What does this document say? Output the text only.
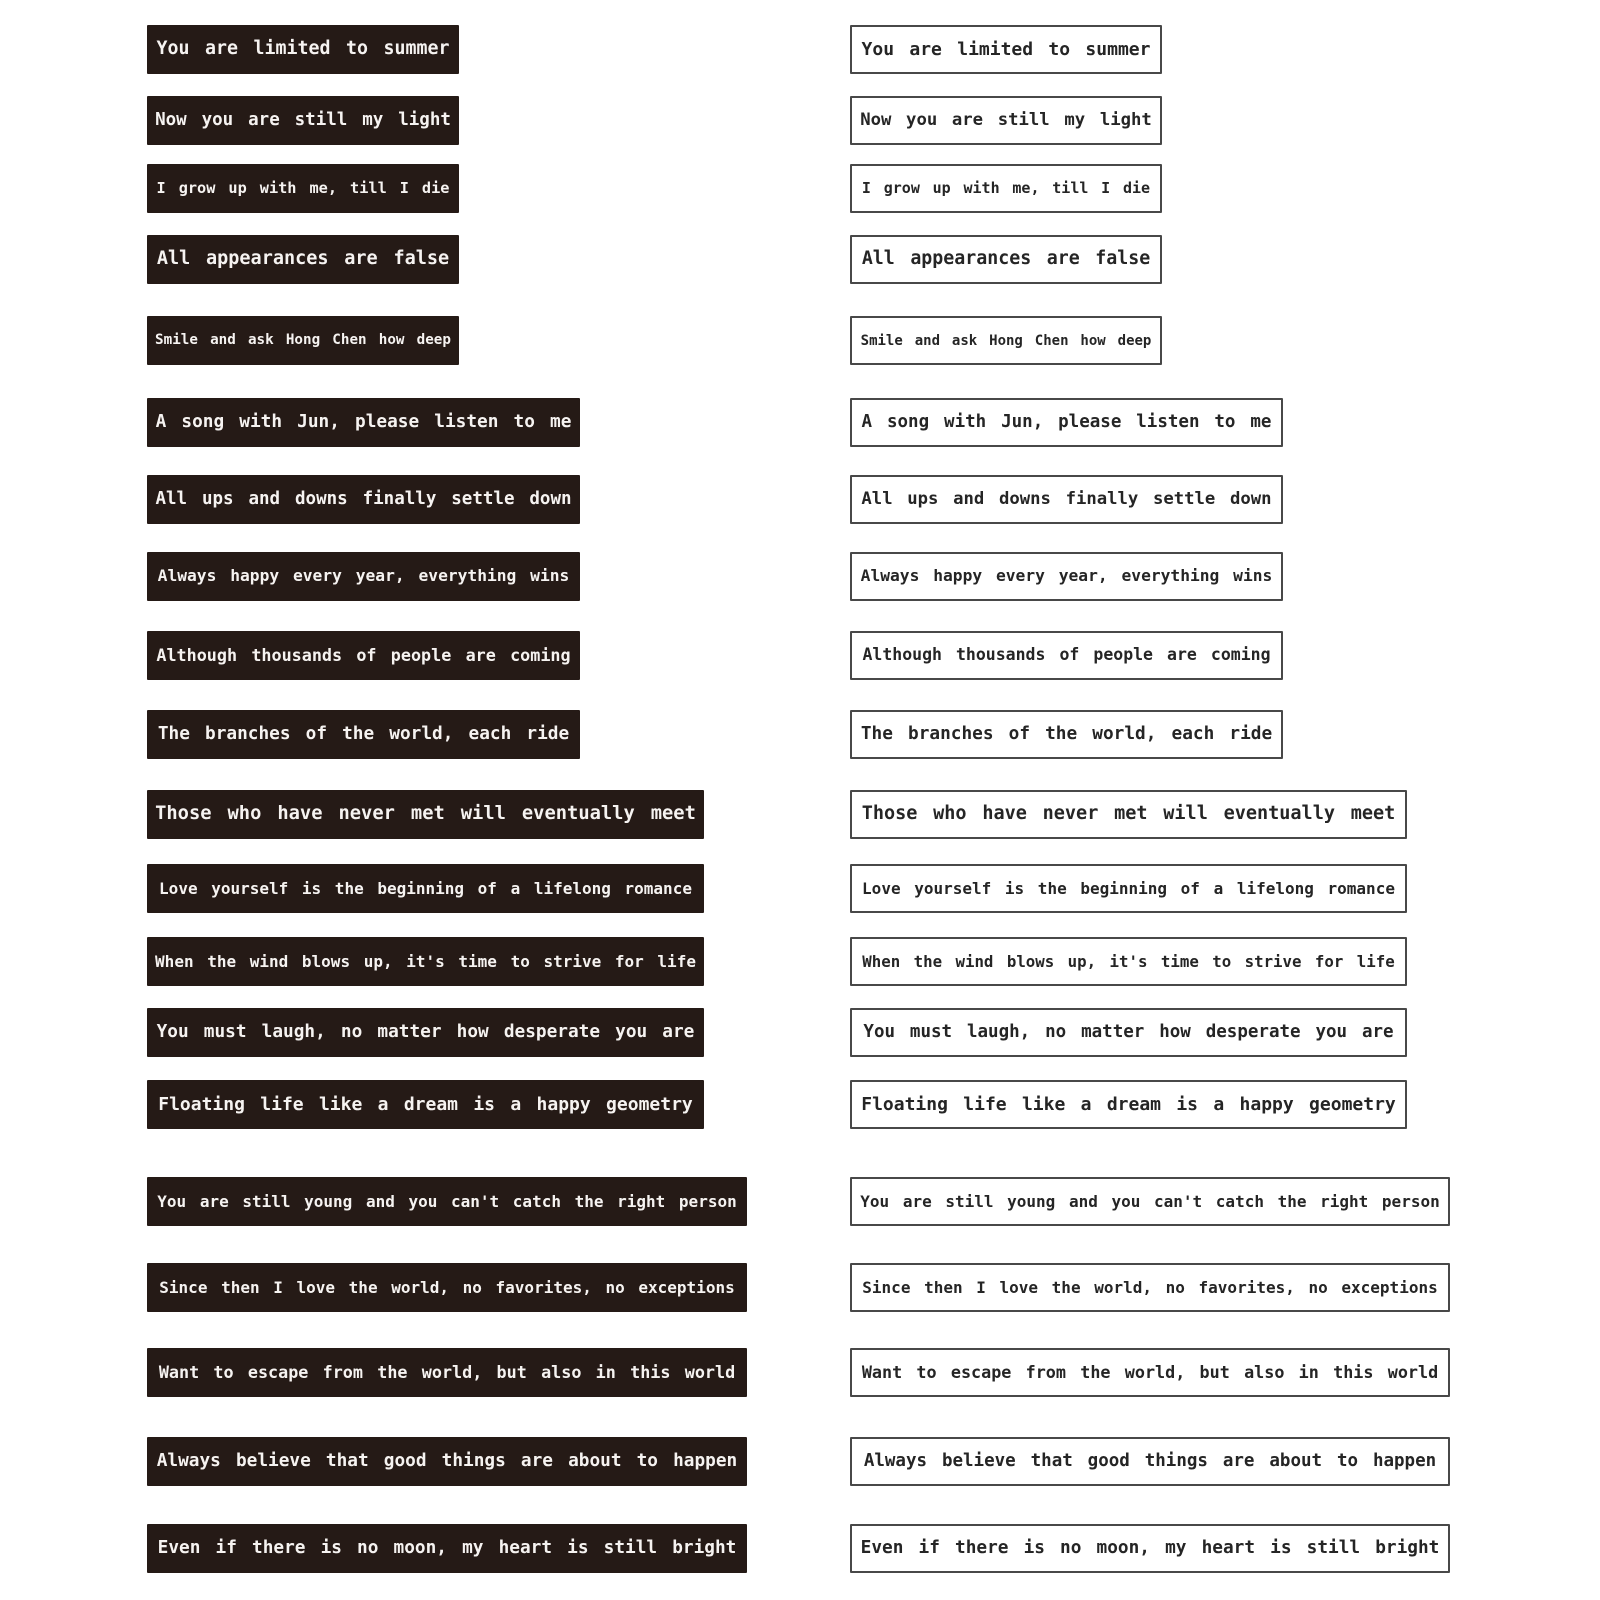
You are limited to summer
Now you are still my light
I grow up with me, till I die
All appearances are false
Smile and ask Hong Chen how deep
A song with Jun, please listen to me
All ups and downs finally settle down
Always happy every year, everything wins
Although thousands of people are coming
The branches of the world, each ride
Those who have never met will eventually meet
Love yourself is the beginning of a lifelong romance
When the wind blows up, it's time to strive for life
You must laugh, no matter how desperate you are
Floating life like a dream is a happy geometry
You are still young and you can't catch the right person
Since then I love the world, no favorites, no exceptions
Want to escape from the world, but also in this world
Always believe that good things are about to happen
Even if there is no moon, my heart is still bright
You are limited to summer
Now you are still my light
I grow up with me, till I die
All appearances are false
Smile and ask Hong Chen how deep
A song with Jun, please listen to me
All ups and downs finally settle down
Always happy every year, everything wins
Although thousands of people are coming
The branches of the world, each ride
Those who have never met will eventually meet
Love yourself is the beginning of a lifelong romance
When the wind blows up, it's time to strive for life
You must laugh, no matter how desperate you are
Floating life like a dream is a happy geometry
You are still young and you can't catch the right person
Since then I love the world, no favorites, no exceptions
Want to escape from the world, but also in this world
Always believe that good things are about to happen
Even if there is no moon, my heart is still bright
